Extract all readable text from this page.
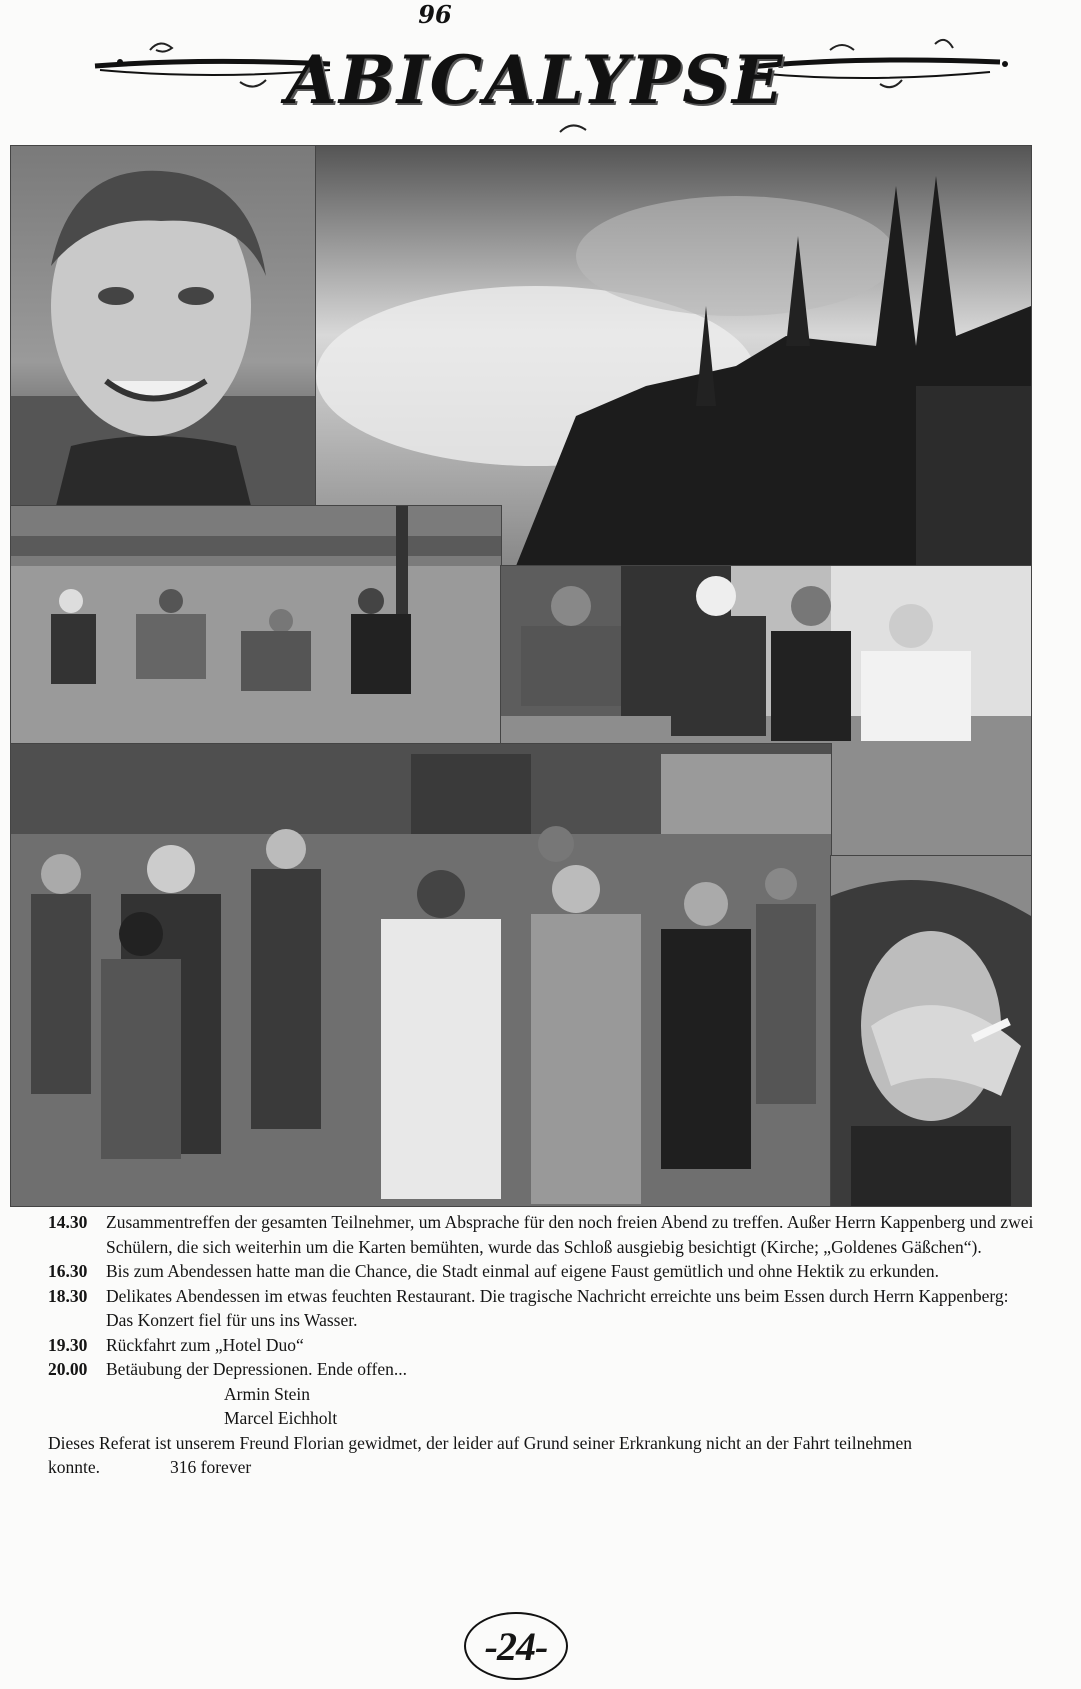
96
ABICALYPSE
14.30	Zusammentreffen der gesamten Teilnehmer, um Absprache für den noch freien Abend zu treffen. Außer Herrn Kappenberg und zwei Schülern, die sich weiterhin um die Karten bemühten, wurde das Schloß ausgiebig besichtigt (Kirche; „Goldenes Gäßchen“).
16.30	Bis zum Abendessen hatte man die Chance, die Stadt einmal auf eigene Faust gemütlich und ohne Hektik zu erkunden.
18.30	Delikates Abendessen im etwas feuchten Restaurant. Die tragische Nachricht erreichte uns beim Essen durch Herrn Kappenberg: Das Konzert fiel für uns ins Wasser.
19.30	Rückfahrt zum „Hotel Duo“
20.00	Betäubung der Depressionen. Ende offen...
Armin Stein
Marcel Eichholt
Dieses Referat ist unserem Freund Florian gewidmet, der leider auf Grund seiner Erkrankung nicht an der Fahrt teilnehmen konnte.	316 forever
-24-
